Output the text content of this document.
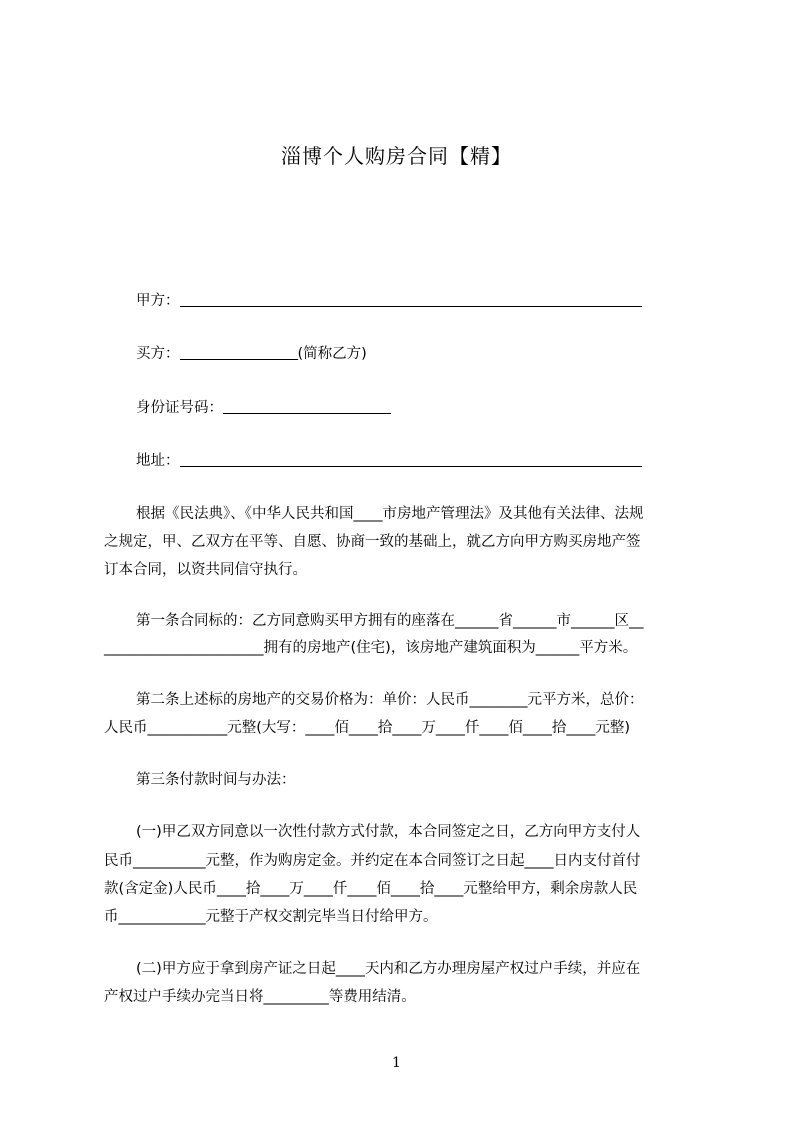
淄博个人购房合同【精】
甲方：
买方：	(简称乙方)
身份证号码：
地址：
根据《民法典》、《中华人民共和国____市房地产管理法》及其他有关法律、法规
之规定，甲、乙双方在平等、自愿、协商一致的基础上，就乙方向甲方购买房地产签
订本合同，以资共同信守执行。
第一条合同标的：乙方同意购买甲方拥有的座落在______省______市______区__
______________________拥有的房地产(住宅)，该房地产建筑面积为______平方米。
第二条上述标的房地产的交易价格为：单价：人民币________元平方米，总价：
人民币___________元整(大写：____佰____拾____万____仟____佰____拾____元整)
第三条付款时间与办法：
(一)甲乙双方同意以一次性付款方式付款，本合同签定之日，乙方向甲方支付人
民币__________元整，作为购房定金。并约定在本合同签订之日起____日内支付首付
款(含定金)人民币____拾____万____仟____佰____拾____元整给甲方，剩余房款人民
币____________元整于产权交割完毕当日付给甲方。
(二)甲方应于拿到房产证之日起____天内和乙方办理房屋产权过户手续，并应在
产权过户手续办完当日将_________等费用结清。
1
